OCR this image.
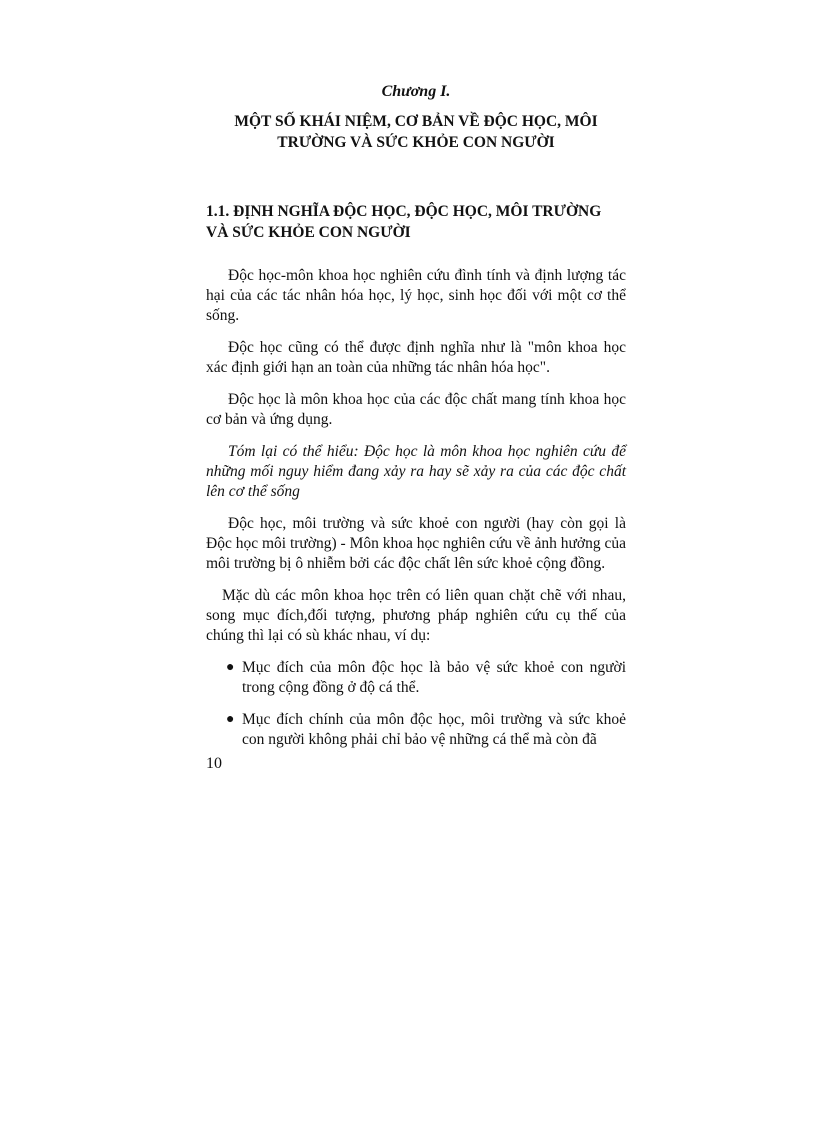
Chương I.
MỘT SỐ KHÁI NIỆM, CƠ BẢN VỀ ĐỘC HỌC, MÔI TRƯỜNG VÀ SỨC KHỎE CON NGƯỜI
1.1. ĐỊNH NGHĨA ĐỘC HỌC, ĐỘC HỌC, MÔI TRƯỜNG VÀ SỨC KHỎE CON NGƯỜI

Độc học-môn khoa học nghiên cứu đình tính và định lượng tác hại của các tác nhân hóa học, lý học, sinh học đối với một cơ thể sống.

Độc học cũng có thể được định nghĩa như là "môn khoa học xác định giới hạn an toàn của những tác nhân hóa học".

Độc học là môn khoa học của các độc chất mang tính khoa học cơ bản và ứng dụng.

Tóm lại có thể hiểu: Độc học là môn khoa học nghiên cứu để những mối nguy hiểm đang xảy ra hay sẽ xảy ra của các độc chất lên cơ thể sống

Độc học, môi trường và sức khoẻ con người (hay còn gọi là Độc học môi trường) - Môn khoa học nghiên cứu về ảnh hưởng của môi trường bị ô nhiễm bởi các độc chất lên sức khoẻ cộng đồng.

Mặc dù các môn khoa học trên có liên quan chặt chẽ với nhau, song mục đích,đối tượng, phương pháp nghiên cứu cụ thế của chúng thì lại có sù khác nhau, ví dụ:

● Mục đích của môn độc học là bảo vệ sức khoẻ con người trong cộng đồng ở độ cá thể.
● Mục đích chính của môn độc học, môi trường và sức khoẻ con người không phải chỉ bảo vệ những cá thể mà còn đã
10
